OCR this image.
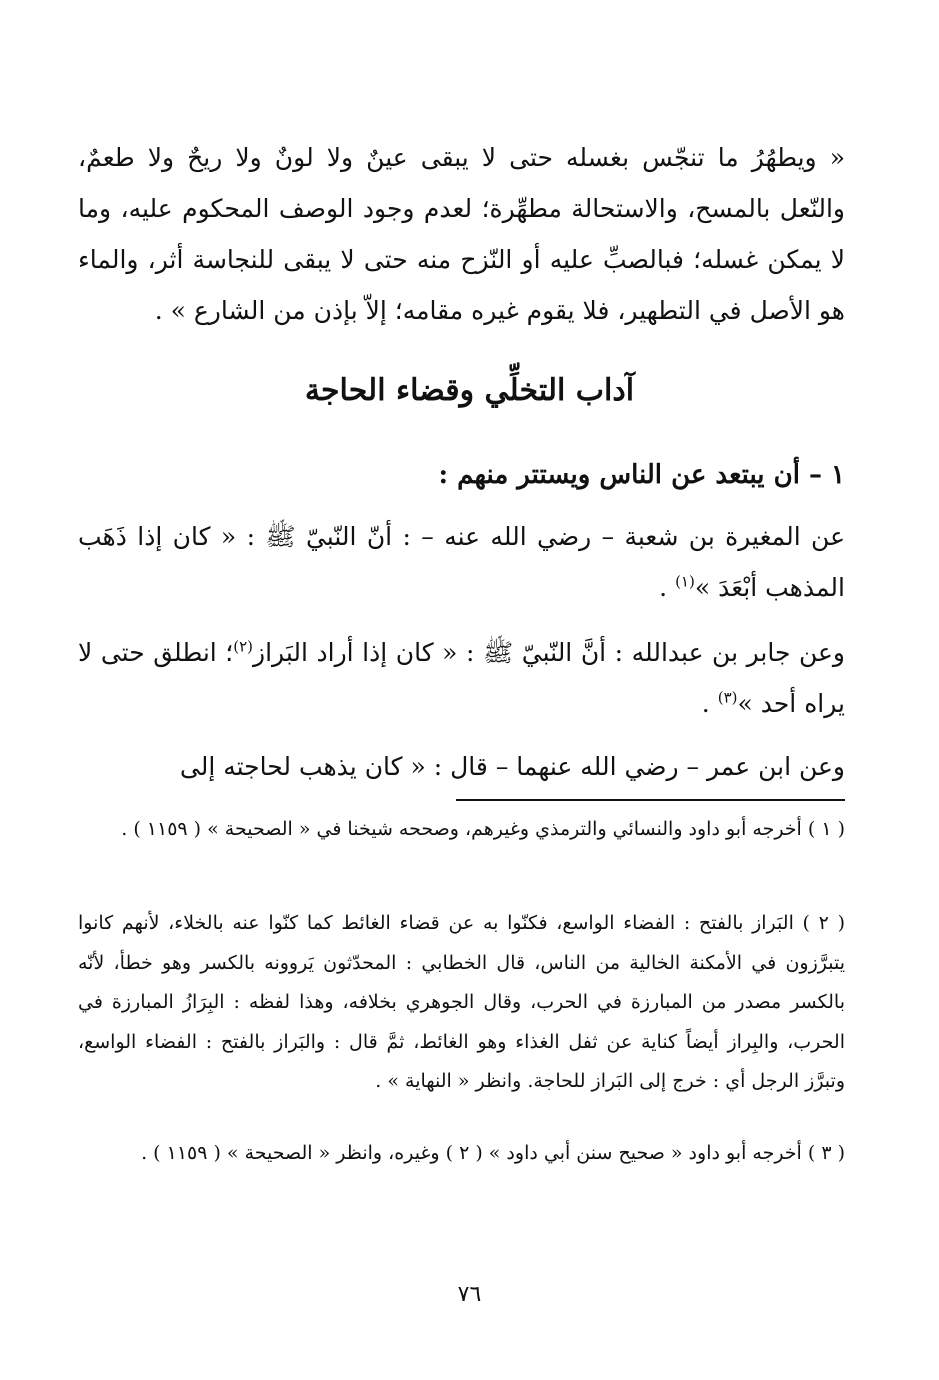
« ويطهُرُ ما تنجّس بغسله حتى لا يبقى عينٌ ولا لونٌ ولا ريحٌ ولا طعمٌ، والنّعل بالمسح، والاستحالة مطهِّرة؛ لعدم وجود الوصف المحكوم عليه، وما لا يمكن غسله؛ فبالصبِّ عليه أو النّزح منه حتى لا يبقى للنجاسة أثر، والماء هو الأصل في التطهير، فلا يقوم غيره مقامه؛ إلاّ بإذن من الشارع » .

آداب التخلِّي وقضاء الحاجة

١ – أن يبتعد عن الناس ويستتر منهم :

عن المغيرة بن شعبة – رضي الله عنه – : أنّ النّبيّ ﷺ : « كان إذا ذَهَب المذهب أبْعَدَ »$^{(١)}$ .

وعن جابر بن عبدالله : أنَّ النّبيّ ﷺ : « كان إذا أراد البَراز$^{(٢)}$؛ انطلق حتى لا يراه أحد »$^{(٣)}$ .

وعن ابن عمر – رضي الله عنهما – قال : « كان يذهب لحاجته إلى

( ١ ) أخرجه أبو داود والنسائي والترمذي وغيرهم، وصححه شيخنا في « الصحيحة » ( ١١٥٩ ) .

( ٢ ) البَراز بالفتح : الفضاء الواسع، فكنّوا به عن قضاء الغائط كما كنّوا عنه بالخلاء، لأنهم كانوا يتبرَّزون في الأمكنة الخالية من الناس، قال الخطابي : المحدّثون يَروونه بالكسر وهو خطأ، لأنّه بالكسر مصدر من المبارزة في الحرب، وقال الجوهري بخلافه، وهذا لفظه : البِرَازُ المبارزة في الحرب، والبِراز أيضاً كناية عن ثفل الغذاء وهو الغائط، ثمَّ قال : والبَراز بالفتح : الفضاء الواسع، وتبرَّز الرجل أي : خرج إلى البَراز للحاجة. وانظر « النهاية » .

( ٣ ) أخرجه أبو داود « صحيح سنن أبي داود » ( ٢ ) وغيره، وانظر « الصحيحة » ( ١١٥٩ ) .

٧٦
